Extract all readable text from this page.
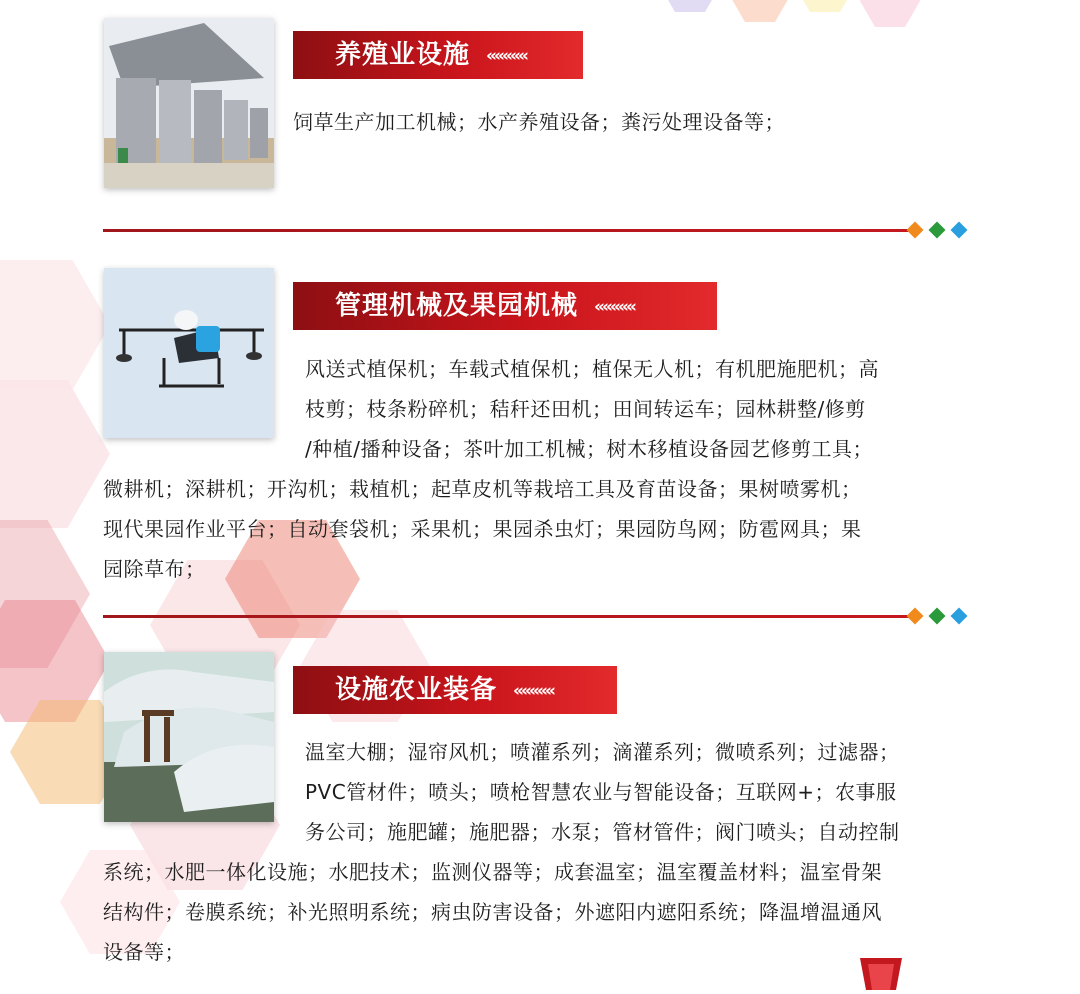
养殖业设施 «««««

饲草生产加工机械；水产养殖设备；粪污处理设备等；

管理机械及果园机械 «««««

风送式植保机；车载式植保机；植保无人机；有机肥施肥机；高
枝剪；枝条粉碎机；秸秆还田机；田间转运车；园林耕整/修剪
/种植/播种设备；茶叶加工机械；树木移植设备园艺修剪工具；

微耕机；深耕机；开沟机；栽植机；起草皮机等栽培工具及育苗设备；果树喷雾机；
现代果园作业平台；自动套袋机；采果机；果园杀虫灯；果园防鸟网；防雹网具；果
园除草布；

设施农业装备 «««««

温室大棚；湿帘风机；喷灌系列；滴灌系列；微喷系列；过滤器；
PVC管材件；喷头；喷枪智慧农业与智能设备；互联网+；农事服
务公司；施肥罐；施肥器；水泵；管材管件；阀门喷头；自动控制

系统；水肥一体化设施；水肥技术；监测仪器等；成套温室；温室覆盖材料；温室骨架
结构件；卷膜系统；补光照明系统；病虫防害设备；外遮阳内遮阳系统；降温增温通风
设备等；
